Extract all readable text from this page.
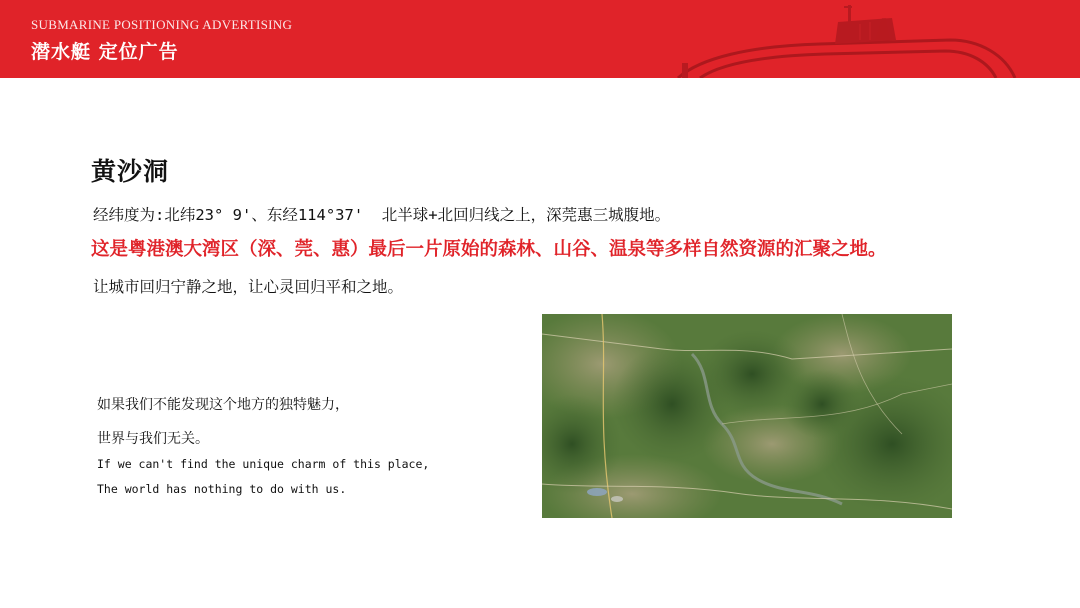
SUBMARINE POSITIONING ADVERTISING
潜水艇 定位广告
黄沙洞
经纬度为:北纬23° 9'、东经114°37'  北半球+北回归线之上，深莞惠三城腹地。
这是粤港澳大湾区（深、莞、惠）最后一片原始的森林、山谷、温泉等多样自然资源的汇聚之地。
让城市回归宁静之地，让心灵回归平和之地。
如果我们不能发现这个地方的独特魅力，
世界与我们无关。
If we can't find the unique charm of this place,
The world has nothing to do with us.
